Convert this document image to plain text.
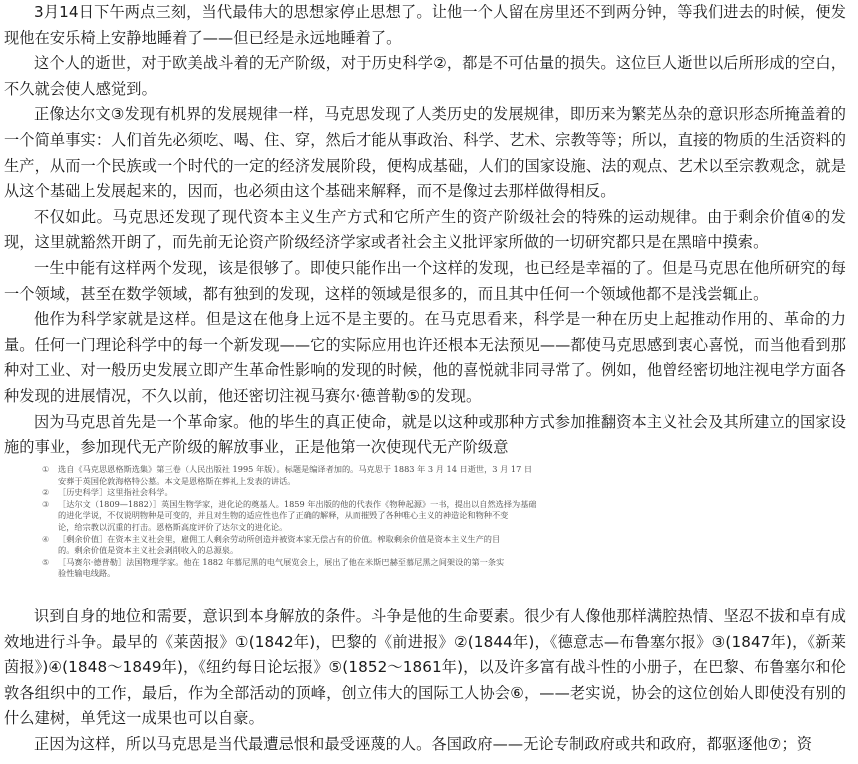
3月14日下午两点三刻，当代最伟大的思想家停止思想了。让他一个人留在房里还不到两分钟，等我们进去的时候，便发现他在安乐椅上安静地睡着了——但已经是永远地睡着了。

这个人的逝世，对于欧美战斗着的无产阶级，对于历史科学②，都是不可估量的损失。这位巨人逝世以后所形成的空白，不久就会使人感觉到。

正像达尔文③发现有机界的发展规律一样，马克思发现了人类历史的发展规律，即历来为繁芜丛杂的意识形态所掩盖着的一个简单事实：人们首先必须吃、喝、住、穿，然后才能从事政治、科学、艺术、宗教等等；所以，直接的物质的生活资料的生产，从而一个民族或一个时代的一定的经济发展阶段，便构成基础，人们的国家设施、法的观点、艺术以至宗教观念，就是从这个基础上发展起来的，因而，也必须由这个基础来解释，而不是像过去那样做得相反。

不仅如此。马克思还发现了现代资本主义生产方式和它所产生的资产阶级社会的特殊的运动规律。由于剩余价值④的发现，这里就豁然开朗了，而先前无论资产阶级经济学家或者社会主义批评家所做的一切研究都只是在黑暗中摸索。

一生中能有这样两个发现，该是很够了。即使只能作出一个这样的发现，也已经是幸福的了。但是马克思在他所研究的每一个领域，甚至在数学领域，都有独到的发现，这样的领域是很多的，而且其中任何一个领域他都不是浅尝辄止。

他作为科学家就是这样。但是这在他身上远不是主要的。在马克思看来，科学是一种在历史上起推动作用的、革命的力量。任何一门理论科学中的每一个新发现——它的实际应用也许还根本无法预见——都使马克思感到衷心喜悦，而当他看到那种对工业、对一般历史发展立即产生革命性影响的发现的时候，他的喜悦就非同寻常了。例如，他曾经密切地注视电学方面各种发现的进展情况，不久以前，他还密切注视马赛尔·德普勒⑤的发现。

因为马克思首先是一个革命家。他的毕生的真正使命，就是以这种或那种方式参加推翻资本主义社会及其所建立的国家设施的事业，参加现代无产阶级的解放事业，正是他第一次使现代无产阶级意

① 选自《马克思恩格斯选集》第三卷（人民出版社 1995 年版）。标题是编译者加的。马克思于 1883 年 3 月 14 日逝世，3 月 17 日

安葬于英国伦敦海格特公墓。本文是恩格斯在葬礼上发表的讲话。

② ［历史科学］这里指社会科学。

③ ［达尔文（1809—1882）］英国生物学家，进化论的奠基人。1859 年出版的他的代表作《物种起源》一书，提出以自然选择为基础

的进化学说，不仅说明物种是可变的，并且对生物的适应性也作了正确的解释，从而摧毁了各种唯心主义的神造论和物种不变

论，给宗教以沉重的打击。恩格斯高度评价了达尔文的进化论。

④ ［剩余价值］在资本主义社会里，雇佣工人剩余劳动所创造并被资本家无偿占有的价值。榨取剩余价值是资本主义生产的目

的。剩余价值是资本主义社会剥削收入的总源泉。

⑤ ［马赛尔·德普勒］法国物理学家。他在 1882 年慕尼黑的电气展览会上，展出了他在米斯巴赫至慕尼黑之间架设的第一条实

验性输电线路。

识到自身的地位和需要，意识到本身解放的条件。斗争是他的生命要素。很少有人像他那样满腔热情、坚忍不拔和卓有成效地进行斗争。最早的《莱茵报》①(1842年)，巴黎的《前进报》②(1844年)，《德意志—布鲁塞尔报》③(1847年)，《新莱茵报》)④(1848～1849年)，《纽约每日论坛报》⑤(1852～1861年)，以及许多富有战斗性的小册子，在巴黎、布鲁塞尔和伦敦各组织中的工作，最后，作为全部活动的顶峰，创立伟大的国际工人协会⑥，——老实说，协会的这位创始人即使没有别的什么建树，单凭这一成果也可以自豪。

正因为这样，所以马克思是当代最遭忌恨和最受诬蔑的人。各国政府——无论专制政府或共和政府，都驱逐他⑦；资
